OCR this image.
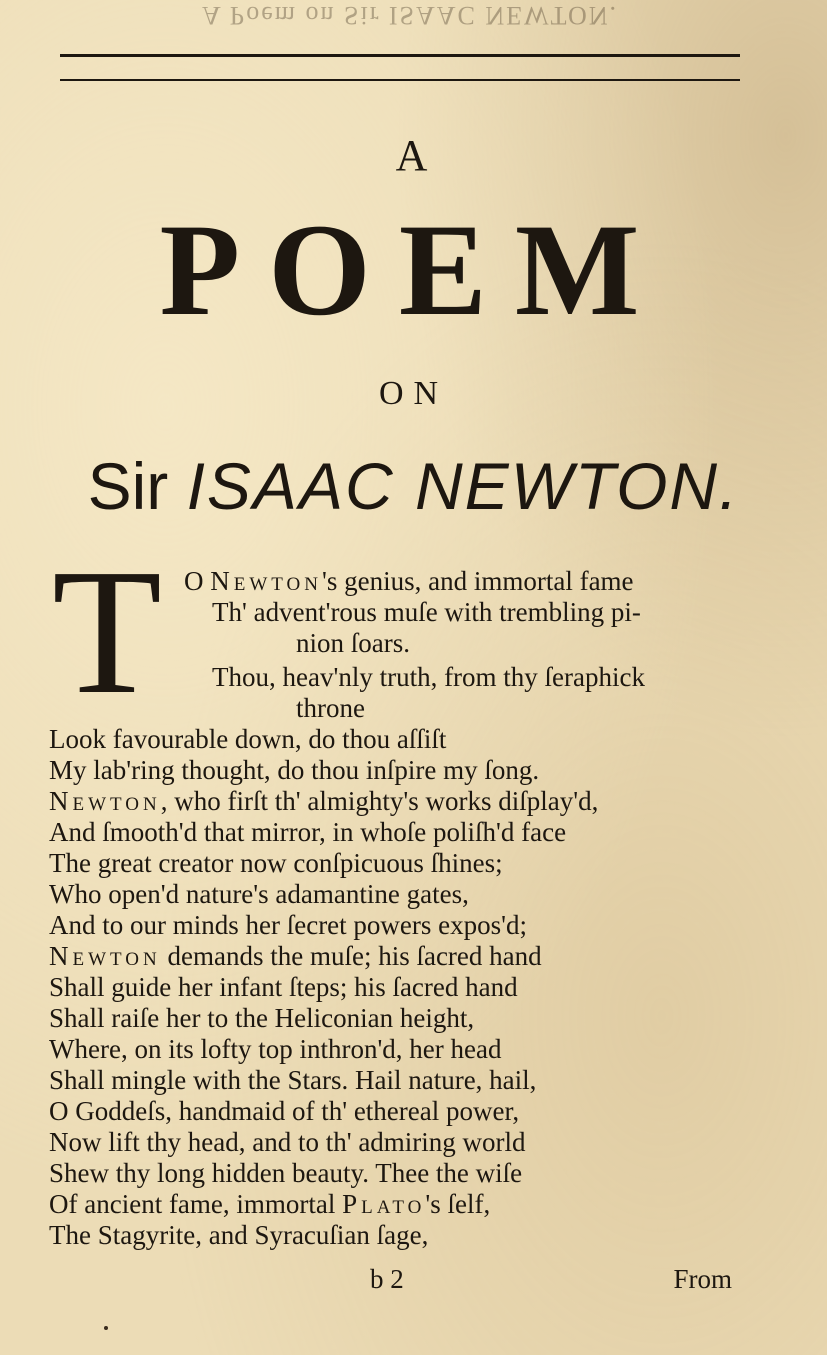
A Poem on Sir ISAAC NEWTON.
A
POEM
ON
Sir ISAAC NEWTON.
T O Newton's genius, and immortal fame
Th' advent'rous muſe with trembling pi-
nion ſoars.
Thou, heav'nly truth, from thy ſeraphick
throne
Look favourable down, do thou aſſiſt
My lab'ring thought, do thou inſpire my ſong.
Newton, who firſt th' almighty's works diſplay'd,
And ſmooth'd that mirror, in whoſe poliſh'd face
The great creator now conſpicuous ſhines;
Who open'd nature's adamantine gates,
And to our minds her ſecret powers expos'd;
Newton demands the muſe; his ſacred hand
Shall guide her infant ſteps; his ſacred hand
Shall raiſe her to the Heliconian height,
Where, on its lofty top inthron'd, her head
Shall mingle with the Stars. Hail nature, hail,
O Goddeſs, handmaid of th' ethereal power,
Now lift thy head, and to th' admiring world
Shew thy long hidden beauty. Thee the wiſe
Of ancient fame, immortal Plato's ſelf,
The Stagyrite, and Syracuſian ſage,
b 2	From
